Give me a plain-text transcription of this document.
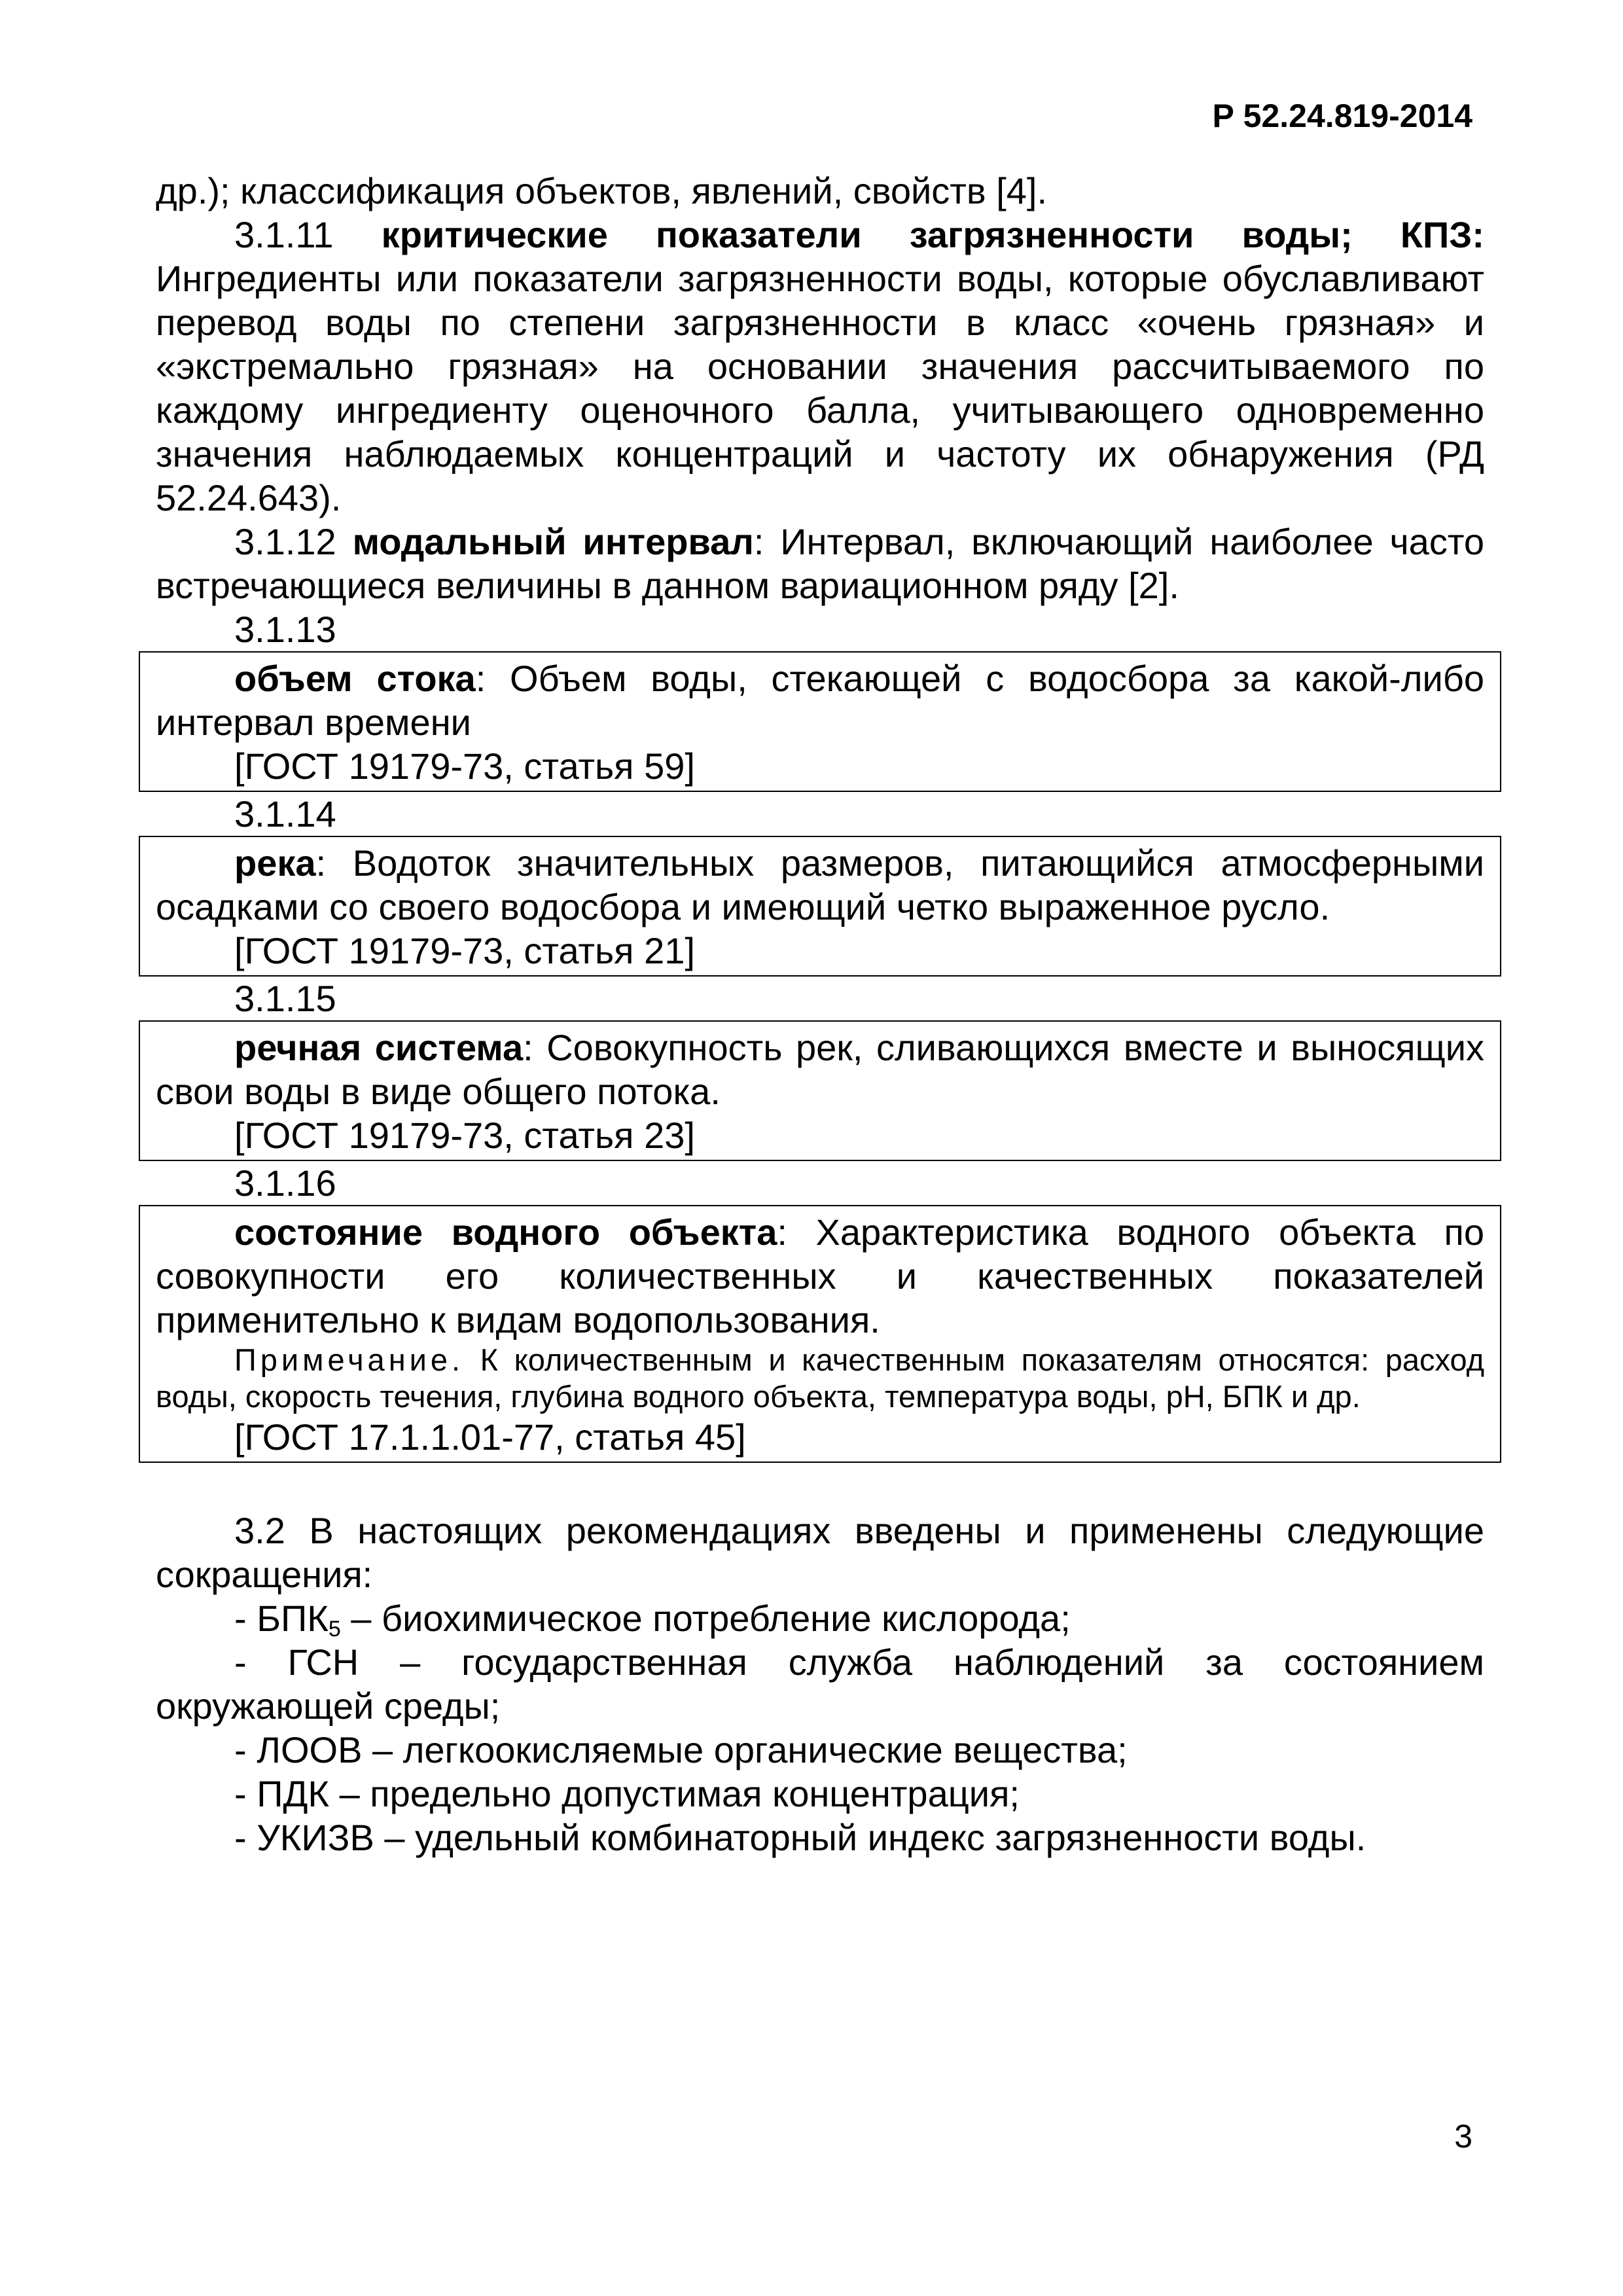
Р 52.24.819-2014

др.); классификация объектов, явлений, свойств [4].

3.1.11 критические показатели загрязненности воды; КПЗ: Ингредиенты или показатели загрязненности воды, которые обуславливают перевод воды по степени загрязненности в класс «очень грязная» и «экстремально грязная» на основании значения рассчитываемого по каждому ингредиенту оценочного балла, учитывающего одновременно значения наблюдаемых концентраций и частоту их обнаружения (РД 52.24.643).

3.1.12 модальный интервал: Интервал, включающий наиболее часто встречающиеся величины в данном вариационном ряду [2].

3.1.13

объем стока: Объем воды, стекающей с водосбора за какой-либо интервал времени

[ГОСТ 19179-73, статья 59]
3.1.14

река: Водоток значительных размеров, питающийся атмосферными осадками со своего водосбора и имеющий четко выраженное русло.

[ГОСТ 19179-73, статья 21]
3.1.15

речная система: Совокупность рек, сливающихся вместе и выносящих свои воды в виде общего потока.

[ГОСТ 19179-73, статья 23]
3.1.16

состояние водного объекта: Характеристика водного объекта по совокупности его количественных и качественных показателей применительно к видам водопользования.

Примечание. К количественным и качественным показателям относятся: расход воды, скорость течения, глубина водного объекта, температура воды, рН, БПК и др.

[ГОСТ 17.1.1.01-77, статья 45]

3.2 В настоящих рекомендациях введены и применены следующие сокращения:

- $БПК_5$ – биохимическое потребление кислорода;

- ГСН – государственная служба наблюдений за состоянием окружающей среды;

- ЛООВ – легкоокисляемые органические вещества;

- ПДК – предельно допустимая концентрация;

- УКИЗВ – удельный комбинаторный индекс загрязненности воды.

3
